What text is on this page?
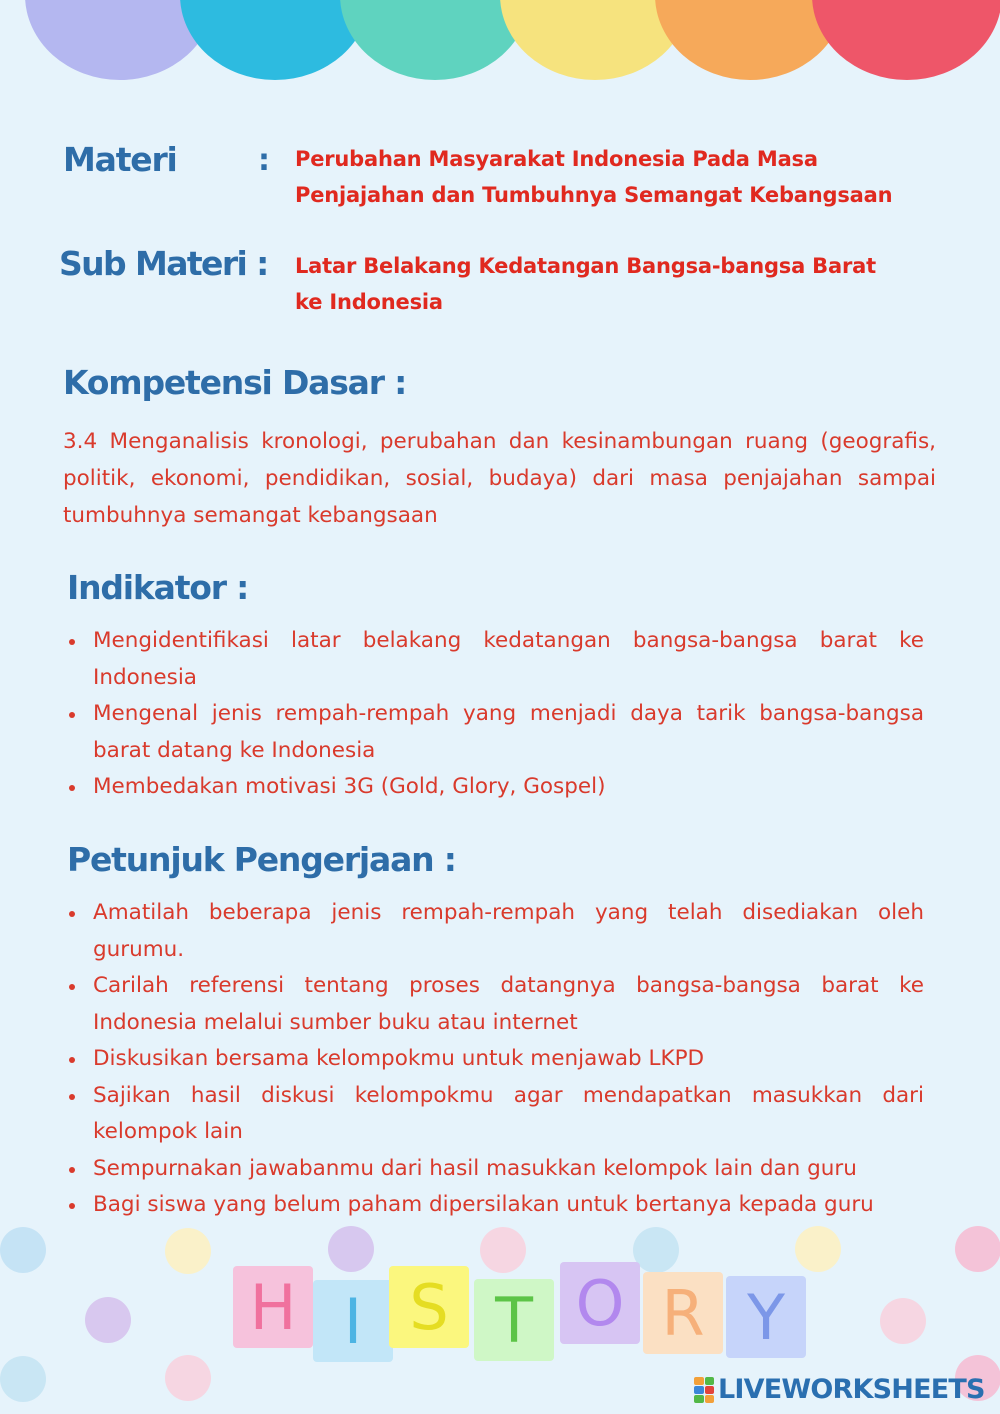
Materi	: Perubahan Masyarakat Indonesia Pada Masa
Penjajahan dan Tumbuhnya Semangat Kebangsaan
Sub Materi : Latar Belakang Kedatangan Bangsa-bangsa Barat
ke Indonesia
Kompetensi Dasar :

3.4 Menganalisis kronologi, perubahan dan kesinambungan ruang (geografis, politik, ekonomi, pendidikan, sosial, budaya) dari masa penjajahan sampai tumbuhnya semangat kebangsaan

Indikator :
Mengidentifikasi latar belakang kedatangan bangsa-bangsa barat ke Indonesia
Mengenal jenis rempah-rempah yang menjadi daya tarik bangsa-bangsa barat datang ke Indonesia
Membedakan motivasi 3G (Gold, Glory, Gospel)
Petunjuk Pengerjaan :
Amatilah beberapa jenis rempah-rempah yang telah disediakan oleh gurumu.
Carilah referensi tentang proses datangnya bangsa-bangsa barat ke Indonesia melalui sumber buku atau internet
Diskusikan bersama kelompokmu untuk menjawab LKPD
Sajikan hasil diskusi kelompokmu agar mendapatkan masukkan dari kelompok lain
Sempurnakan jawabanmu dari hasil masukkan kelompok lain dan guru
Bagi siswa yang belum paham dipersilakan untuk bertanya kepada guru
H I S T O R Y
LIVEWORKSHEETS
